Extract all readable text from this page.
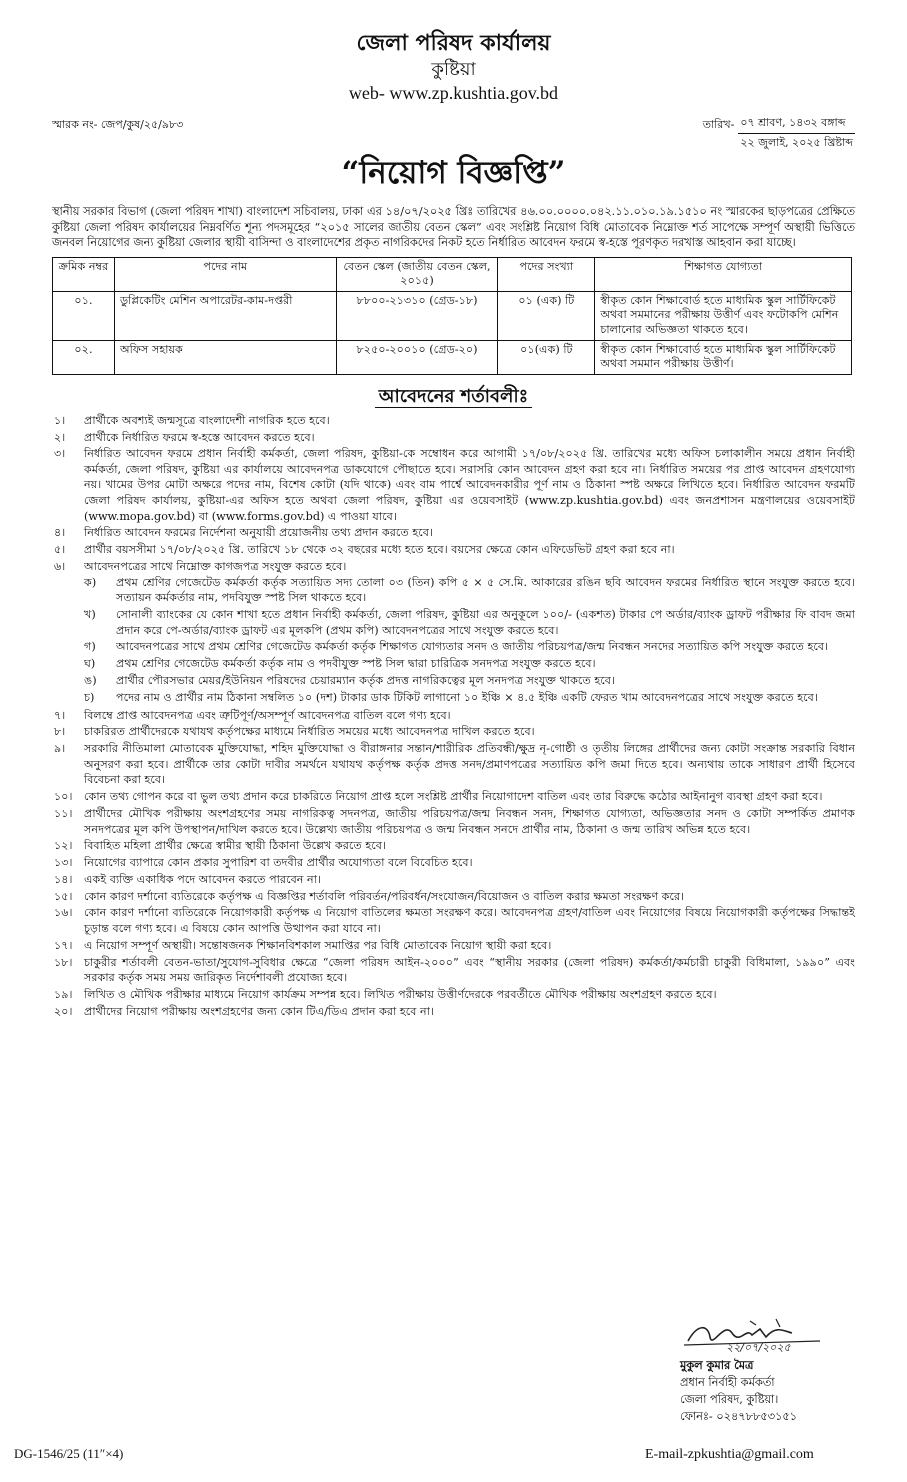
জেলা পরিষদ কার্যালয়
কুষ্টিয়া
web- www.zp.kushtia.gov.bd
স্মারক নং- জেপ/কুষ/২৫/৯৮৩	তারিখ- ০৭ শ্রাবণ, ১৪৩২ বঙ্গাব্দ
২২ জুলাই, ২০২৫ খ্রিষ্টাব্দ
“নিয়োগ বিজ্ঞপ্তি”

স্থানীয় সরকার বিভাগ (জেলা পরিষদ শাখা) বাংলাদেশ সচিবালয়, ঢাকা এর ১৪/০৭/২০২৫ খ্রিঃ তারিখের ৪৬.০০.০০০০.০৪২.১১.০১০.১৯.১৫১০ নং স্মারকের ছাড়পত্রের প্রেক্ষিতে কুষ্টিয়া জেলা পরিষদ কার্যালয়ের নিম্নবর্ণিত শূন্য পদসমূহের “২০১৫ সালের জাতীয় বেতন স্কেল” এবং সংশ্লিষ্ট নিয়োগ বিধি মোতাবেক নিম্নোক্ত শর্ত সাপেক্ষে সম্পূর্ণ অস্থায়ী ভিত্তিতে জনবল নিয়োগের জন্য কুষ্টিয়া জেলার স্থায়ী বাসিন্দা ও বাংলাদেশের প্রকৃত নাগরিকদের নিকট হতে নির্ধারিত আবেদন ফরমে স্ব-হস্তে পূরণকৃত দরখাস্ত আহবান করা যাচ্ছে।

ক্রমিক নম্বর	পদের নাম	বেতন স্কেল (জাতীয় বেতন স্কেল, ২০১৫)	পদের সংখ্যা	শিক্ষাগত যোগ্যতা
০১.	ডুপ্লিকেটিং মেশিন অপারেটর-কাম-দপ্তরী	৮৮০০-২১৩১০ (গ্রেড-১৮)	০১ (এক) টি	স্বীকৃত কোন শিক্ষাবোর্ড হতে মাধ্যমিক স্কুল সার্টিফিকেট অথবা সমমানের পরীক্ষায় উত্তীর্ণ এবং ফটোকপি মেশিন চালানোর অভিজ্ঞতা থাকতে হবে।
০২.	অফিস সহায়ক	৮২৫০-২০০১০ (গ্রেড-২০)	০১(এক) টি	স্বীকৃত কোন শিক্ষাবোর্ড হতে মাধ্যমিক স্কুল সার্টিফিকেট অথবা সমমান পরীক্ষায় উত্তীর্ণ।
আবেদনের শর্তাবলীঃ
১।	প্রার্থীকে অবশ্যই জন্মসূত্রে বাংলাদেশী নাগরিক হতে হবে।
২।	প্রার্থীকে নির্ধারিত ফরমে স্ব-হস্তে আবেদন করতে হবে।
৩।	নির্ধারিত আবেদন ফরমে প্রধান নির্বাহী কর্মকর্তা, জেলা পরিষদ, কুষ্টিয়া-কে সম্বোধন করে আগামী ১৭/০৮/২০২৫ খ্রি. তারিখের মধ্যে অফিস চলাকালীন সময়ে প্রধান নির্বাহী কর্মকর্তা, জেলা পরিষদ, কুষ্টিয়া এর কার্যালয়ে আবেদনপত্র ডাকযোগে পৌছাতে হবে। সরাসরি কোন আবেদন গ্রহণ করা হবে না। নির্ধারিত সময়ের পর প্রাপ্ত আবেদন গ্রহণযোগ্য নয়। খামের উপর মোটা অক্ষরে পদের নাম, বিশেষ কোটা (যদি থাকে) এবং বাম পার্শ্বে আবেদনকারীর পূর্ণ নাম ও ঠিকানা স্পষ্ট অক্ষরে লিখিতে হবে। নির্ধারিত আবেদন ফরমটি জেলা পরিষদ কার্যালয়, কুষ্টিয়া-এর অফিস হতে অথবা জেলা পরিষদ, কুষ্টিয়া এর ওয়েবসাইট (www.zp.kushtia.gov.bd) এবং জনপ্রশাসন মন্ত্রণালয়ের ওয়েবসাইট (www.mopa.gov.bd) বা (www.forms.gov.bd) এ পাওয়া যাবে।
৪।	নির্ধারিত আবেদন ফরমের নির্দেশনা অনুযায়ী প্রয়োজনীয় তথ্য প্রদান করতে হবে।
৫।	প্রার্থীর বয়সসীমা ১৭/০৮/২০২৫ খ্রি. তারিখে ১৮ থেকে ৩২ বছরের মধ্যে হতে হবে। বয়সের ক্ষেত্রে কোন এফিডেভিট গ্রহণ করা হবে না।
৬।	আবেদনপত্রের সাথে নিম্নোক্ত কাগজপত্র সংযুক্ত করতে হবে।
ক)	প্রথম শ্রেণির গেজেটেড কর্মকর্তা কর্তৃক সত্যায়িত সদ্য তোলা ০৩ (তিন) কপি ৫ × ৫ সে.মি. আকারের রঙিন ছবি আবেদন ফরমের নির্ধারিত স্থানে সংযুক্ত করতে হবে। সত্যায়ন কর্মকর্তার নাম, পদবিযুক্ত স্পষ্ট সিল থাকতে হবে।
খ)	সোনালী ব্যাংকের যে কোন শাখা হতে প্রধান নির্বাহী কর্মকর্তা, জেলা পরিষদ, কুষ্টিয়া এর অনুকূলে ১০০/- (একশত) টাকার পে অর্ডার/ব্যাংক ড্রাফট পরীক্ষার ফি বাবদ জমা প্রদান করে পে-অর্ডার/ব্যাংক ড্রাফট এর মূলকপি (প্রথম কপি) আবেদনপত্রের সাথে সংযুক্ত করতে হবে।
গ)	আবেদনপত্রের সাথে প্রথম শ্রেণির গেজেটেড কর্মকর্তা কর্তৃক শিক্ষাগত যোগ্যতার সনদ ও জাতীয় পরিচয়পত্র/জন্ম নিবন্ধন সনদের সত্যায়িত কপি সংযুক্ত করতে হবে।
ঘ)	প্রথম শ্রেণির গেজেটেড কর্মকর্তা কর্তৃক নাম ও পদবীযুক্ত স্পষ্ট সিল দ্বারা চারিত্রিক সনদপত্র সংযুক্ত করতে হবে।
ঙ)	প্রার্থীর পৌরসভার মেয়র/ইউনিয়ন পরিষদের চেয়ারম্যান কর্তৃক প্রদত্ত নাগরিকত্বের মূল সনদপত্র সংযুক্ত থাকতে হবে।
চ)	পদের নাম ও প্রার্থীর নাম ঠিকানা সম্বলিত ১০ (দশ) টাকার ডাক টিকিট লাগানো ১০ ইঞ্চি × ৪.৫ ইঞ্চি একটি ফেরত খাম আবেদনপত্রের সাথে সংযুক্ত করতে হবে।
৭।	বিলম্বে প্রাপ্ত আবেদনপত্র এবং ত্রুটিপূর্ণ/অসম্পূর্ণ আবেদনপত্র বাতিল বলে গণ্য হবে।
৮।	চাকরিরত প্রার্থীদেরকে যথাযথ কর্তৃপক্ষের মাধ্যমে নির্ধারিত সময়ের মধ্যে আবেদনপত্র দাখিল করতে হবে।
৯।	সরকারি নীতিমালা মোতাবেক মুক্তিযোদ্ধা, শহিদ মুক্তিযোদ্ধা ও বীরাঙ্গনার সন্তান/শারীরিক প্রতিবন্ধী/ক্ষুদ্র নৃ-গোষ্ঠী ও তৃতীয় লিঙ্গের প্রার্থীদের জন্য কোটা সংক্রান্ত সরকারি বিধান অনুসরণ করা হবে। প্রার্থীকে তার কোটা দাবীর সমর্থনে যথাযথ কর্তৃপক্ষ কর্তৃক প্রদত্ত সনদ/প্রমাণপত্রের সত্যায়িত কপি জমা দিতে হবে। অন্যথায় তাকে সাধারণ প্রার্থী হিসেবে বিবেচনা করা হবে।
১০।	কোন তথ্য গোপন করে বা ভুল তথ্য প্রদান করে চাকরিতে নিয়োগ প্রাপ্ত হলে সংশ্লিষ্ট প্রার্থীর নিয়োগাদেশ বাতিল এবং তার বিরুদ্ধে কঠোর আইনানুগ ব্যবস্থা গ্রহণ করা হবে।
১১।	প্রার্থীদের মৌখিক পরীক্ষায় অংশগ্রহণের সময় নাগরিকত্ব সদনপত্র, জাতীয় পরিচয়পত্র/জন্ম নিবন্ধন সনদ, শিক্ষাগত যোগ্যতা, অভিজ্ঞতার সনদ ও কোটা সম্পর্কিত প্রমাণক সনদপত্রের মূল কপি উপস্থাপন/দাখিল করতে হবে। উল্লেখ্য জাতীয় পরিচয়পত্র ও জন্ম নিবন্ধন সনদে প্রার্থীর নাম, ঠিকানা ও জন্ম তারিখ অভিন্ন হতে হবে।
১২।	বিবাহিত মহিলা প্রার্থীর ক্ষেত্রে স্বামীর স্থায়ী ঠিকানা উল্লেখ করতে হবে।
১৩।	নিয়োগের ব্যাপারে কোন প্রকার সুপারিশ বা তদবীর প্রার্থীর অযোগ্যতা বলে বিবেচিত হবে।
১৪।	একই ব্যক্তি একাধিক পদে আবেদন করতে পারবেন না।
১৫।	কোন কারণ দর্শানো ব্যতিরেকে কর্তৃপক্ষ এ বিজ্ঞপ্তির শর্তাবলি পরিবর্তন/পরিবর্ধন/সংযোজন/বিয়োজন ও বাতিল করার ক্ষমতা সংরক্ষণ করে।
১৬।	কোন কারণ দর্শানো ব্যতিরেকে নিয়োগকারী কর্তৃপক্ষ এ নিয়োগ বাতিলের ক্ষমতা সংরক্ষণ করে। আবেদনপত্র গ্রহণ/বাতিল এবং নিয়োগের বিষয়ে নিয়োগকারী কর্তৃপক্ষের সিদ্ধান্তই চূড়ান্ত বলে গণ্য হবে। এ বিষয়ে কোন আপত্তি উত্থাপন করা যাবে না।
১৭।	এ নিয়োগ সম্পূর্ণ অস্থায়ী। সন্তোষজনক শিক্ষানবিশকাল সমাপ্তির পর বিধি মোতাবেক নিয়োগ স্থায়ী করা হবে।
১৮।	চাকুরীর শর্তাবলী বেতন-ভাতা/সুযোগ-সুবিধার ক্ষেত্রে “জেলা পরিষদ আইন-২০০০” এবং “স্থানীয় সরকার (জেলা পরিষদ) কর্মকর্তা/কর্মচারী চাকুরী বিধিমালা, ১৯৯০” এবং সরকার কর্তৃক সময় সময় জারিকৃত নির্দেশাবলী প্রযোজ্য হবে।
১৯।	লিখিত ও মৌখিক পরীক্ষার মাধ্যমে নিয়োগ কার্যক্রম সম্পন্ন হবে। লিখিত পরীক্ষায় উত্তীর্ণদেরকে পরবর্তীতে মৌখিক পরীক্ষায় অংশগ্রহণ করতে হবে।
২০।	প্রার্থীদের নিয়োগ পরীক্ষায় অংশগ্রহণের জন্য কোন টিএ/ডিএ প্রদান করা হবে না।
২২/০৭/২০২৫
মুকুল কুমার মৈত্র
প্রধান নির্বাহী কর্মকর্তা
জেলা পরিষদ, কুষ্টিয়া।
ফোনঃ- ০২৪৭৮৮৫৩১৫১
DG-1546/25 (11″×4)	E-mail-zpkushtia@gmail.com
